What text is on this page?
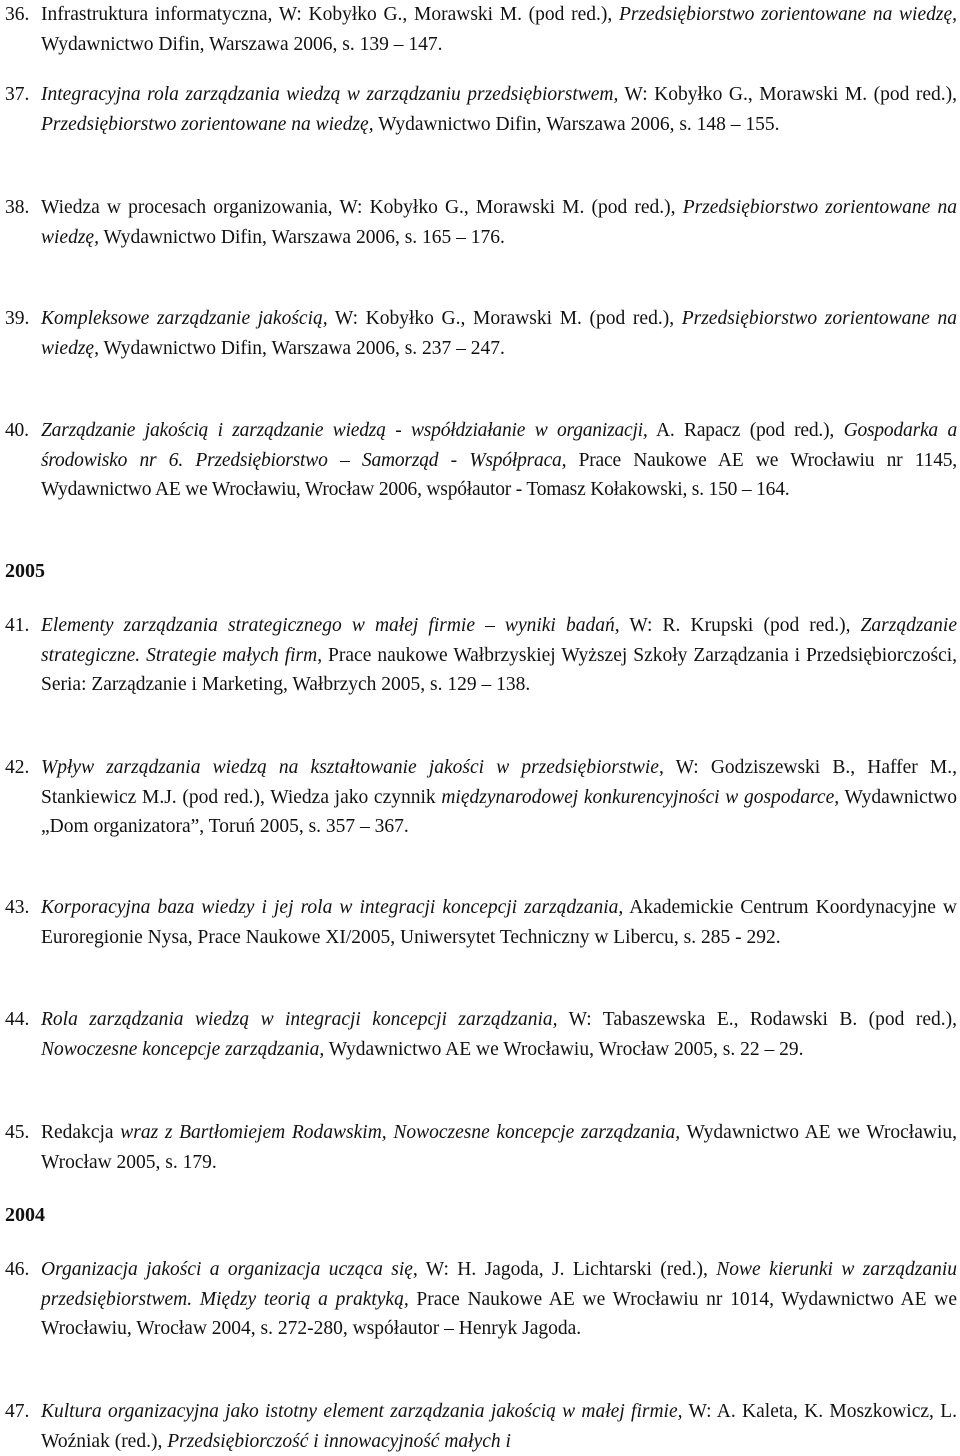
36. Infrastruktura informatyczna, W: Kobyłko G., Morawski M. (pod red.), Przedsiębiorstwo zorientowane na wiedzę, Wydawnictwo Difin, Warszawa 2006, s. 139 – 147.
37. Integracyjna rola zarządzania wiedzą w zarządzaniu przedsiębiorstwem, W: Kobyłko G., Morawski M. (pod red.), Przedsiębiorstwo zorientowane na wiedzę, Wydawnictwo Difin, Warszawa 2006, s. 148 – 155.
38. Wiedza w procesach organizowania, W: Kobyłko G., Morawski M. (pod red.), Przedsiębiorstwo zorientowane na wiedzę, Wydawnictwo Difin, Warszawa 2006, s. 165 – 176.
39. Kompleksowe zarządzanie jakością, W: Kobyłko G., Morawski M. (pod red.), Przedsiębiorstwo zorientowane na wiedzę, Wydawnictwo Difin, Warszawa 2006, s. 237 – 247.
40. Zarządzanie jakością i zarządzanie wiedzą - współdziałanie w organizacji, A. Rapacz (pod red.), Gospodarka a środowisko nr 6. Przedsiębiorstwo – Samorząd - Współpraca, Prace Naukowe AE we Wrocławiu nr 1145, Wydawnictwo AE we Wrocławiu, Wrocław 2006, współautor - Tomasz Kołakowski, s. 150 – 164.
2005
41. Elementy zarządzania strategicznego w małej firmie – wyniki badań, W: R. Krupski (pod red.), Zarządzanie strategiczne. Strategie małych firm, Prace naukowe Wałbrzyskiej Wyższej Szkoły Zarządzania i Przedsiębiorczości, Seria: Zarządzanie i Marketing, Wałbrzych 2005, s. 129 – 138.
42. Wpływ zarządzania wiedzą na kształtowanie jakości w przedsiębiorstwie, W: Godziszewski B., Haffer M., Stankiewicz M.J. (pod red.), Wiedza jako czynnik międzynarodowej konkurencyjności w gospodarce, Wydawnictwo „Dom organizatora”, Toruń 2005, s. 357 – 367.
43. Korporacyjna baza wiedzy i jej rola w integracji koncepcji zarządzania, Akademickie Centrum Koordynacyjne w Euroregionie Nysa, Prace Naukowe XI/2005, Uniwersytet Techniczny w Libercu, s. 285 - 292.
44. Rola zarządzania wiedzą w integracji koncepcji zarządzania, W: Tabaszewska E., Rodawski B. (pod red.), Nowoczesne koncepcje zarządzania, Wydawnictwo AE we Wrocławiu, Wrocław 2005, s. 22 – 29.
45. Redakcja wraz z Bartłomiejem Rodawskim, Nowoczesne koncepcje zarządzania, Wydawnictwo AE we Wrocławiu, Wrocław 2005, s. 179.
2004
46. Organizacja jakości a organizacja ucząca się, W: H. Jagoda, J. Lichtarski (red.), Nowe kierunki w zarządzaniu przedsiębiorstwem. Między teorią a praktyką, Prace Naukowe AE we Wrocławiu nr 1014, Wydawnictwo AE we Wrocławiu, Wrocław 2004, s. 272-280, współautor – Henryk Jagoda.
47. Kultura organizacyjna jako istotny element zarządzania jakością w małej firmie, W: A. Kaleta, K. Moszkowicz, L. Woźniak (red.), Przedsiębiorczość i innowacyjność małych i
